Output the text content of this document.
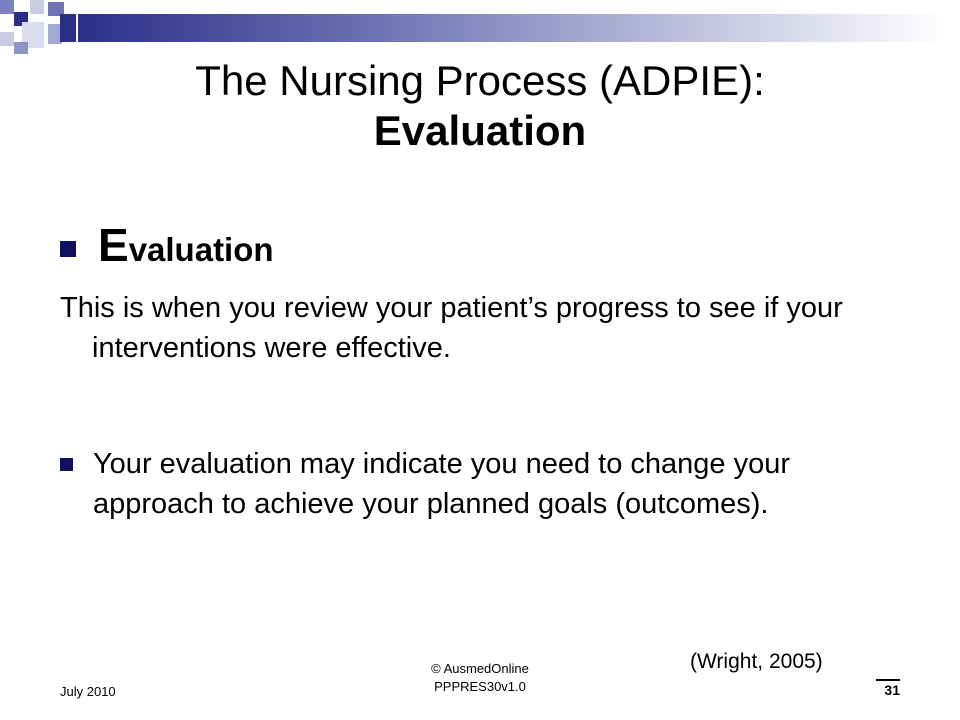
The Nursing Process (ADPIE):
Evaluation
Evaluation
This is when you review your patient’s progress to see if your interventions were effective.
Your evaluation may indicate you need to change your approach to achieve your planned goals (outcomes).
(Wright, 2005)
July 2010
© AusmedOnline
PPPRES30v1.0	31
